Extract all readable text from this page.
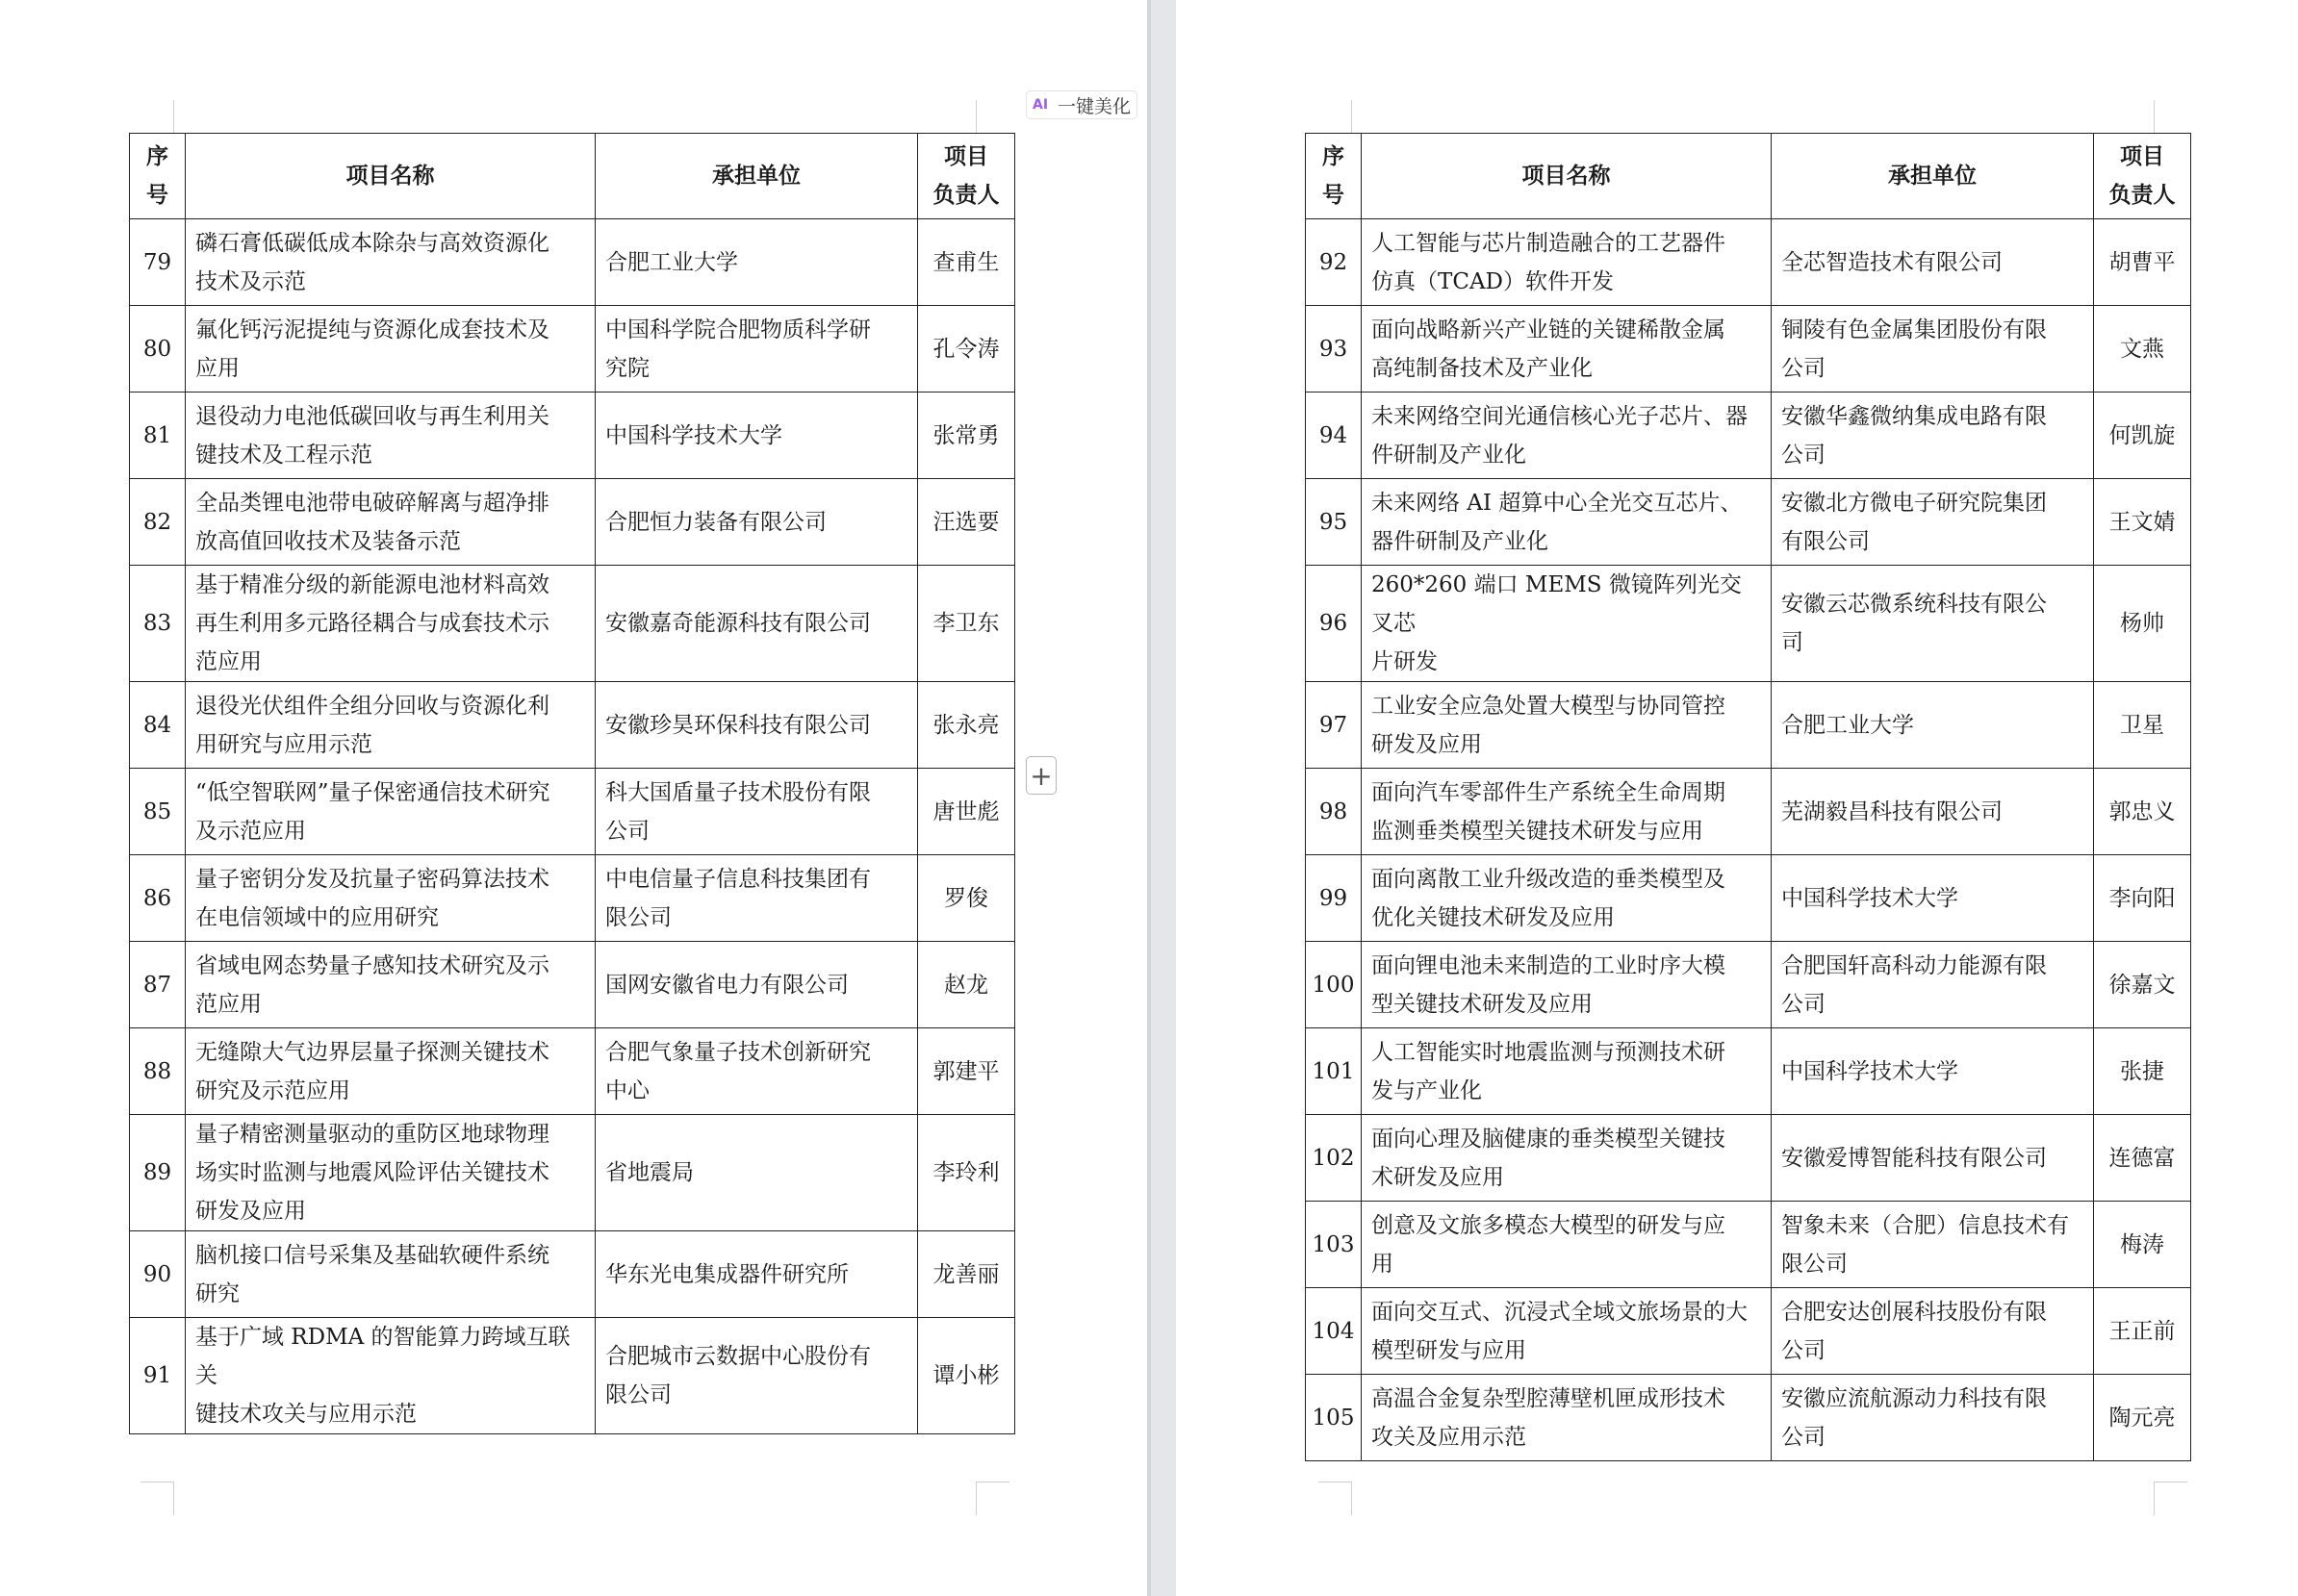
序
号	项目名称	承担单位	项目
负责人
79	磷石膏低碳低成本除杂与高效资源化
技术及示范	合肥工业大学	查甫生
80	氟化钙污泥提纯与资源化成套技术及
应用	中国科学院合肥物质科学研
究院	孔令涛
81	退役动力电池低碳回收与再生利用关
键技术及工程示范	中国科学技术大学	张常勇
82	全品类锂电池带电破碎解离与超净排
放高值回收技术及装备示范	合肥恒力装备有限公司	汪选要
83	基于精准分级的新能源电池材料高效
再生利用多元路径耦合与成套技术示
范应用	安徽嘉奇能源科技有限公司	李卫东
84	退役光伏组件全组分回收与资源化利
用研究与应用示范	安徽珍昊环保科技有限公司	张永亮
85	“低空智联网”量子保密通信技术研究
及示范应用	科大国盾量子技术股份有限
公司	唐世彪
86	量子密钥分发及抗量子密码算法技术
在电信领域中的应用研究	中电信量子信息科技集团有
限公司	罗俊
87	省域电网态势量子感知技术研究及示
范应用	国网安徽省电力有限公司	赵龙
88	无缝隙大气边界层量子探测关键技术
研究及示范应用	合肥气象量子技术创新研究
中心	郭建平
89	量子精密测量驱动的重防区地球物理
场实时监测与地震风险评估关键技术
研发及应用	省地震局	李玲利
90	脑机接口信号采集及基础软硬件系统
研究	华东光电集成器件研究所	龙善丽
91	基于广域 RDMA 的智能算力跨域互联关
键技术攻关与应用示范	合肥城市云数据中心股份有
限公司	谭小彬
序
号	项目名称	承担单位	项目
负责人
92	人工智能与芯片制造融合的工艺器件
仿真（TCAD）软件开发	全芯智造技术有限公司	胡曹平
93	面向战略新兴产业链的关键稀散金属
高纯制备技术及产业化	铜陵有色金属集团股份有限
公司	文燕
94	未来网络空间光通信核心光子芯片、器
件研制及产业化	安徽华鑫微纳集成电路有限
公司	何凯旋
95	未来网络 AI 超算中心全光交互芯片、
器件研制及产业化	安徽北方微电子研究院集团
有限公司	王文婧
96	260*260 端口 MEMS 微镜阵列光交叉芯
片研发	安徽云芯微系统科技有限公
司	杨帅
97	工业安全应急处置大模型与协同管控
研发及应用	合肥工业大学	卫星
98	面向汽车零部件生产系统全生命周期
监测垂类模型关键技术研发与应用	芜湖毅昌科技有限公司	郭忠义
99	面向离散工业升级改造的垂类模型及
优化关键技术研发及应用	中国科学技术大学	李向阳
100	面向锂电池未来制造的工业时序大模
型关键技术研发及应用	合肥国轩高科动力能源有限
公司	徐嘉文
101	人工智能实时地震监测与预测技术研
发与产业化	中国科学技术大学	张捷
102	面向心理及脑健康的垂类模型关键技
术研发及应用	安徽爱博智能科技有限公司	连德富
103	创意及文旅多模态大模型的研发与应
用	智象未来（合肥）信息技术有
限公司	梅涛
104	面向交互式、沉浸式全域文旅场景的大
模型研发与应用	合肥安达创展科技股份有限
公司	王正前
105	高温合金复杂型腔薄壁机匣成形技术
攻关及应用示范	安徽应流航源动力科技有限
公司	陶元亮
AI 一键美化
+
